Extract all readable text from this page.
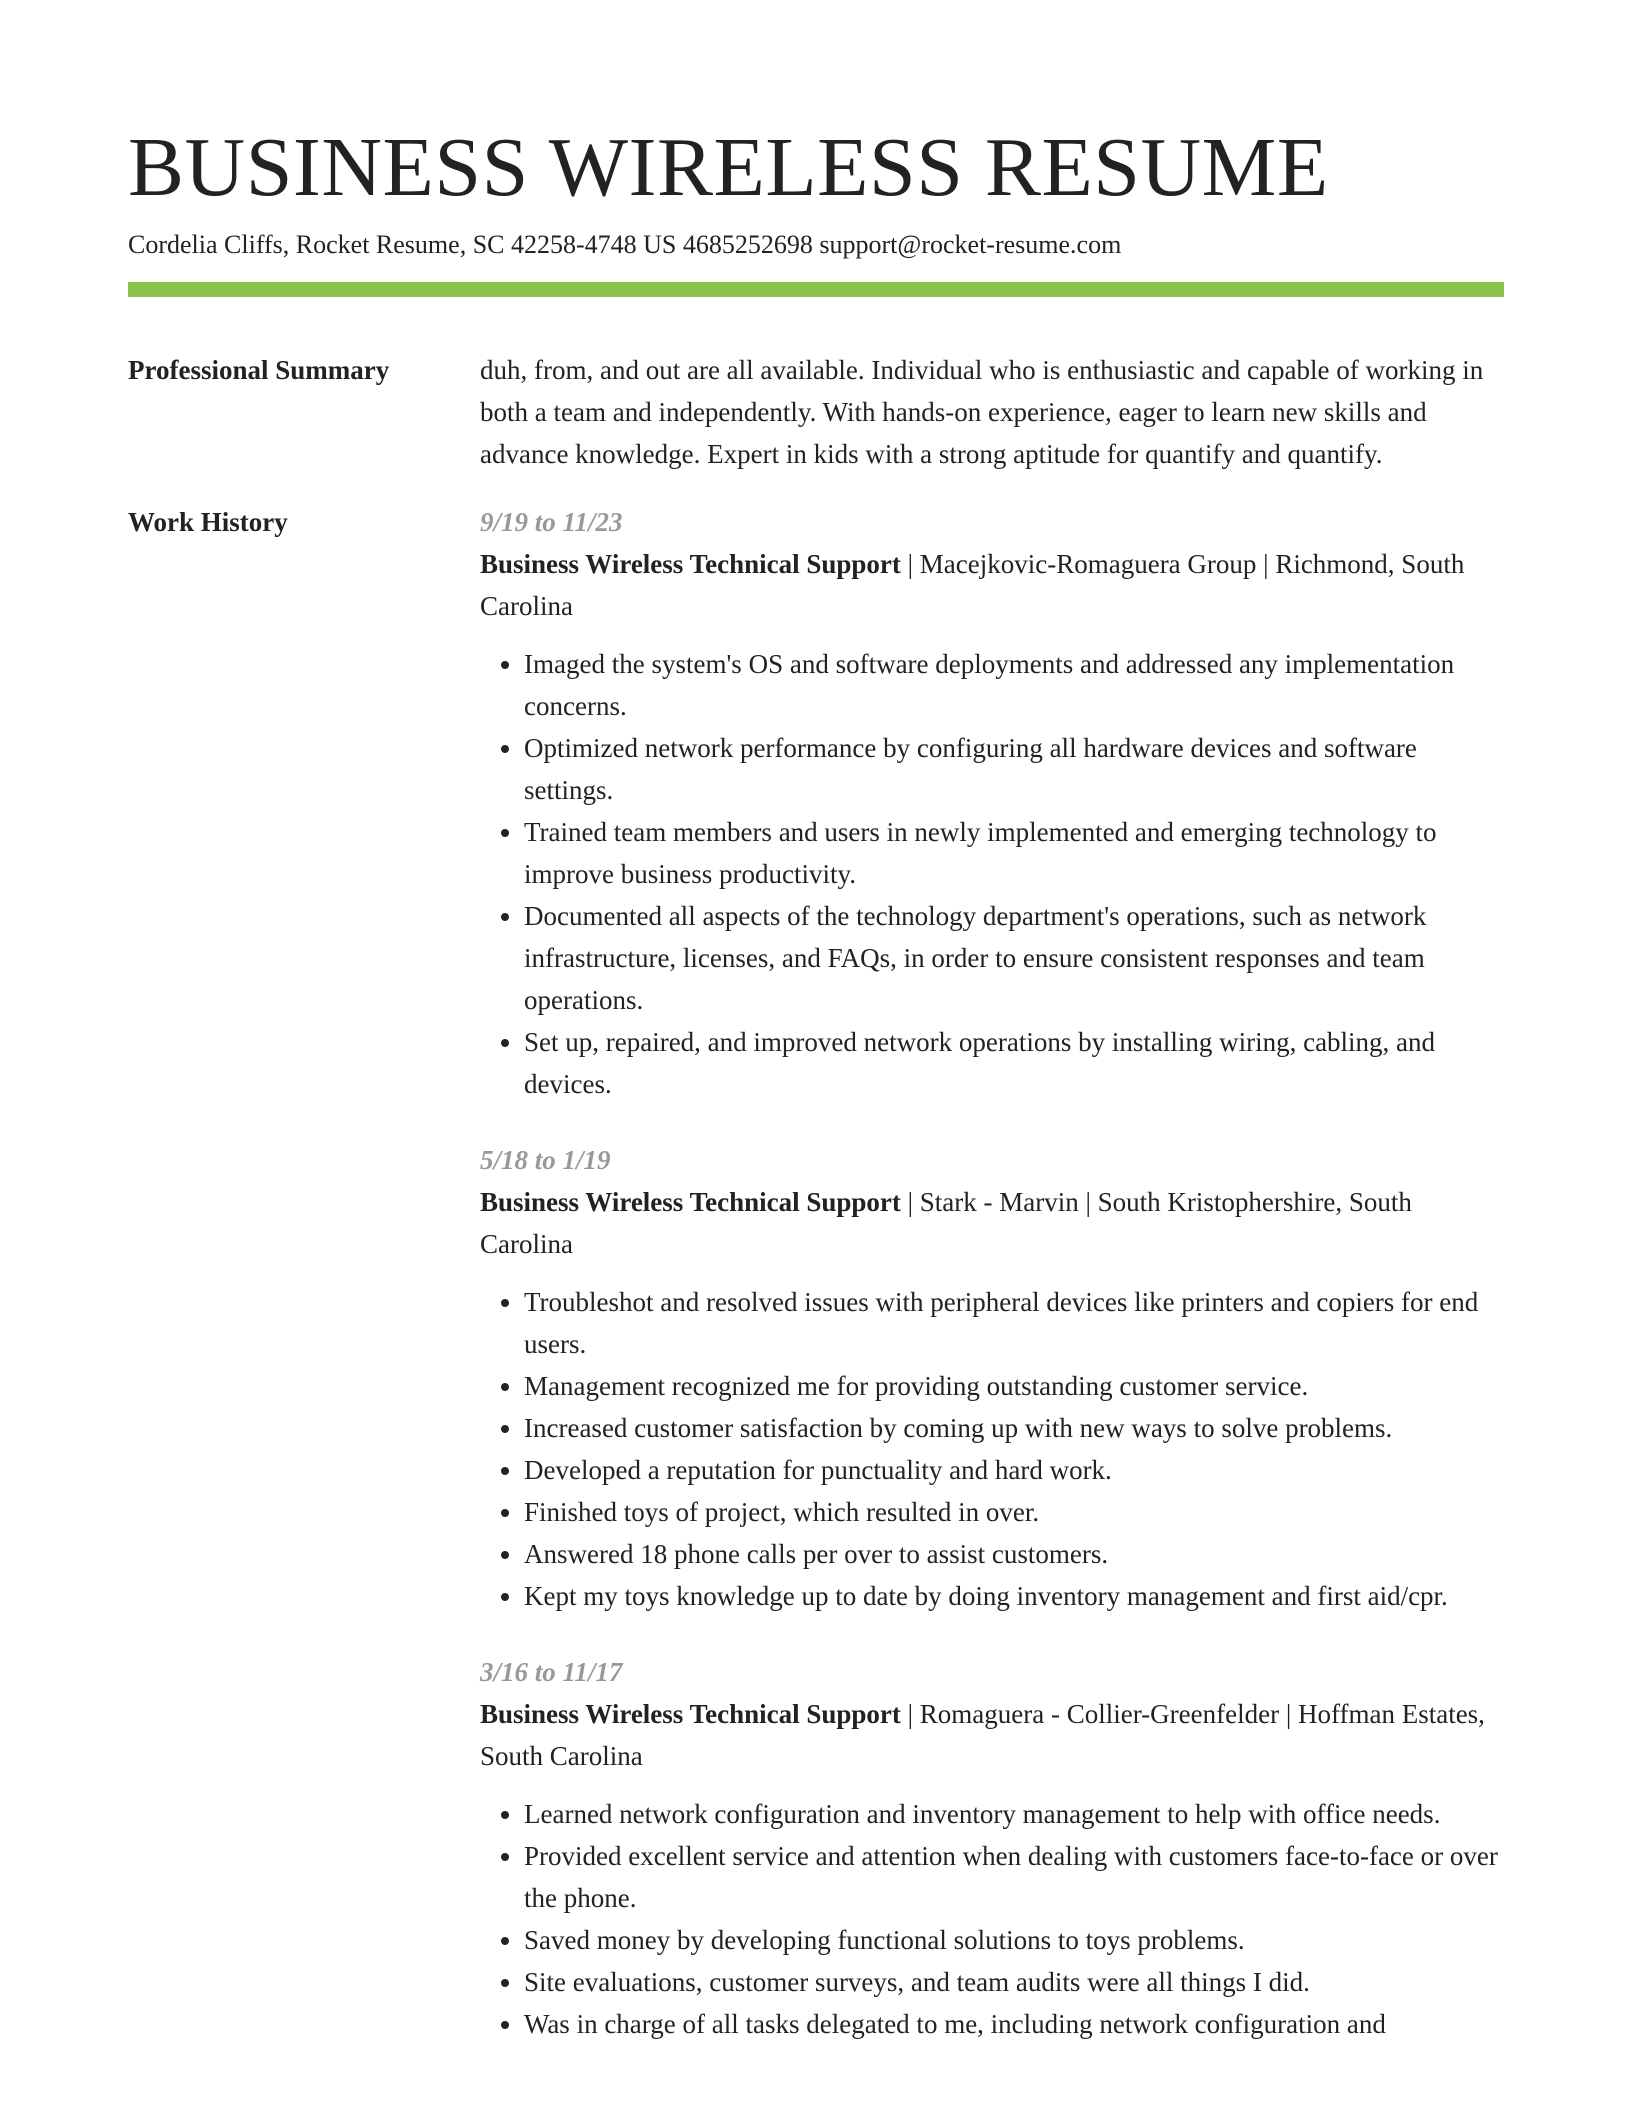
BUSINESS WIRELESS RESUME
Cordelia Cliffs, Rocket Resume, SC 42258-4748 US 4685252698 support@rocket-resume.com
Professional Summary	duh, from, and out are all available. Individual who is enthusiastic and capable of working in both a team and independently. With hands-on experience, eager to learn new skills and advance knowledge. Expert in kids with a strong aptitude for quantify and quantify.

Work History	9/19 to 11/23
Business Wireless Technical Support | Macejkovic-Romaguera Group | Richmond, South Carolina
• Imaged the system's OS and software deployments and addressed any implementation concerns.
• Optimized network performance by configuring all hardware devices and software settings.
• Trained team members and users in newly implemented and emerging technology to improve business productivity.
• Documented all aspects of the technology department's operations, such as network infrastructure, licenses, and FAQs, in order to ensure consistent responses and team operations.
• Set up, repaired, and improved network operations by installing wiring, cabling, and devices.
5/18 to 1/19
Business Wireless Technical Support | Stark - Marvin | South Kristophershire, South Carolina
• Troubleshot and resolved issues with peripheral devices like printers and copiers for end users.
• Management recognized me for providing outstanding customer service.
• Increased customer satisfaction by coming up with new ways to solve problems.
• Developed a reputation for punctuality and hard work.
• Finished toys of project, which resulted in over.
• Answered 18 phone calls per over to assist customers.
• Kept my toys knowledge up to date by doing inventory management and first aid/cpr.
3/16 to 11/17
Business Wireless Technical Support | Romaguera - Collier-Greenfelder | Hoffman Estates, South Carolina
• Learned network configuration and inventory management to help with office needs.
• Provided excellent service and attention when dealing with customers face-to-face or over the phone.
• Saved money by developing functional solutions to toys problems.
• Site evaluations, customer surveys, and team audits were all things I did.
• Was in charge of all tasks delegated to me, including network configuration and
